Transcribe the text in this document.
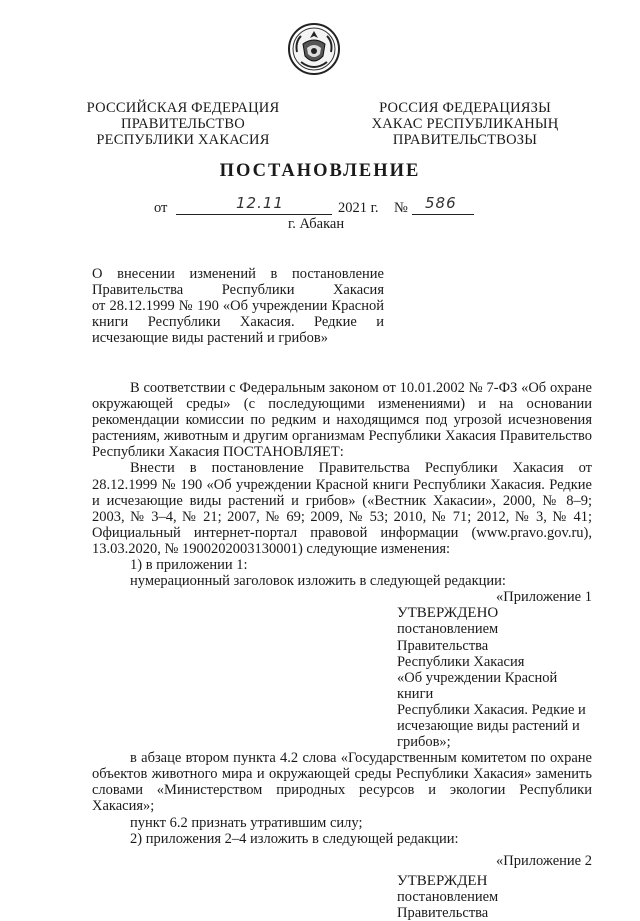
РОССИЙСКАЯ ФЕДЕРАЦИЯ
ПРАВИТЕЛЬСТВО
РЕСПУБЛИКИ ХАКАСИЯ
РОССИЯ ФЕДЕРАЦИЯЗЫ
ХАКАС РЕСПУБЛИКАНЫҢ
ПРАВИТЕЛЬСТВОЗЫ
ПОСТАНОВЛЕНИЕ
от	12.11	2021 г. № 586
г. Абакан
О внесении изменений в постановление
Правительства Республики Хакасия
от 28.12.1999 № 190 «Об учреждении Красной
книги Республики Хакасия. Редкие и
исчезающие виды растений и грибов»

В соответствии с Федеральным законом от 10.01.2002 № 7-ФЗ «Об охране окружающей среды» (с последующими изменениями) и на основании рекомендации комиссии по редким и находящимся под угрозой исчезновения растениям, животным и другим организмам Республики Хакасия Правительство Республики Хакасия ПОСТАНОВЛЯЕТ:

Внести в постановление Правительства Республики Хакасия от 28.12.1999 № 190 «Об учреждении Красной книги Республики Хакасия. Редкие и исчезающие виды растений и грибов» («Вестник Хакасии», 2000, № 8–9; 2003, № 3–4, № 21; 2007, № 69; 2009, № 53; 2010, № 71; 2012, № 3, № 41; Официальный интернет-портал правовой информации (www.pravo.gov.ru), 13.03.2020, № 1900202003130001) следующие изменения:

1) в приложении 1:

нумерационный заголовок изложить в следующей редакции:

«Приложение 1

УТВЕРЖДЕНО
постановлением Правительства
Республики Хакасия
«Об учреждении Красной книги
Республики Хакасия. Редкие и
исчезающие виды растений и
грибов»;

в абзаце втором пункта 4.2 слова «Государственным комитетом по охране объектов животного мира и окружающей среды Республики Хакасия» заменить словами «Министерством природных ресурсов и экологии Республики Хакасия»;

пункт 6.2 признать утратившим силу;

2) приложения 2–4 изложить в следующей редакции:

«Приложение 2

УТВЕРЖДЕН
постановлением Правительства
